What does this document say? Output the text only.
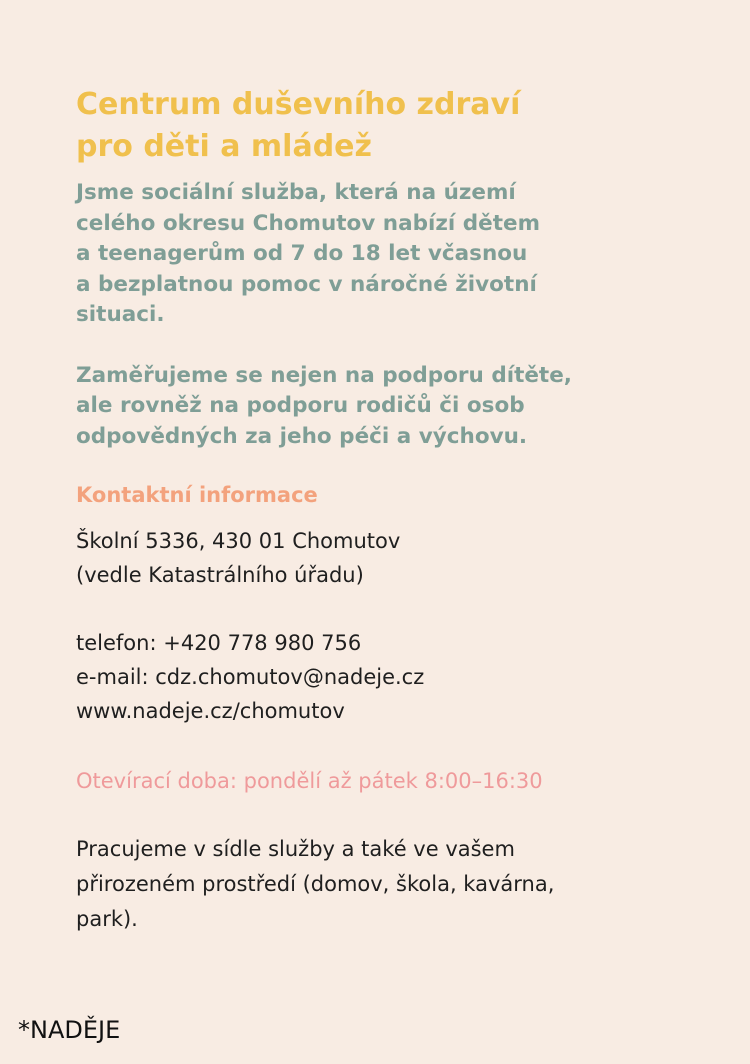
Centrum duševního zdraví
pro děti a mládež

Jsme sociální služba, která na území
celého okresu Chomutov nabízí dětem
a teenagerům od 7 do 18 let včasnou
a bezplatnou pomoc v náročné životní
situaci.

Zaměřujeme se nejen na podporu dítěte,
ale rovněž na podporu rodičů či osob
odpovědných za jeho péči a výchovu.

Kontaktní informace
Školní 5336, 430 01 Chomutov
(vedle Katastrálního úřadu)
telefon: +420 778 980 756
e-mail: cdz.chomutov@nadeje.cz
www.nadeje.cz/chomutov
Otevírací doba: pondělí až pátek 8:00–16:30
Pracujeme v sídle služby a také ve vašem
přirozeném prostředí (domov, škola, kavárna,
park).
*NADĚJE
